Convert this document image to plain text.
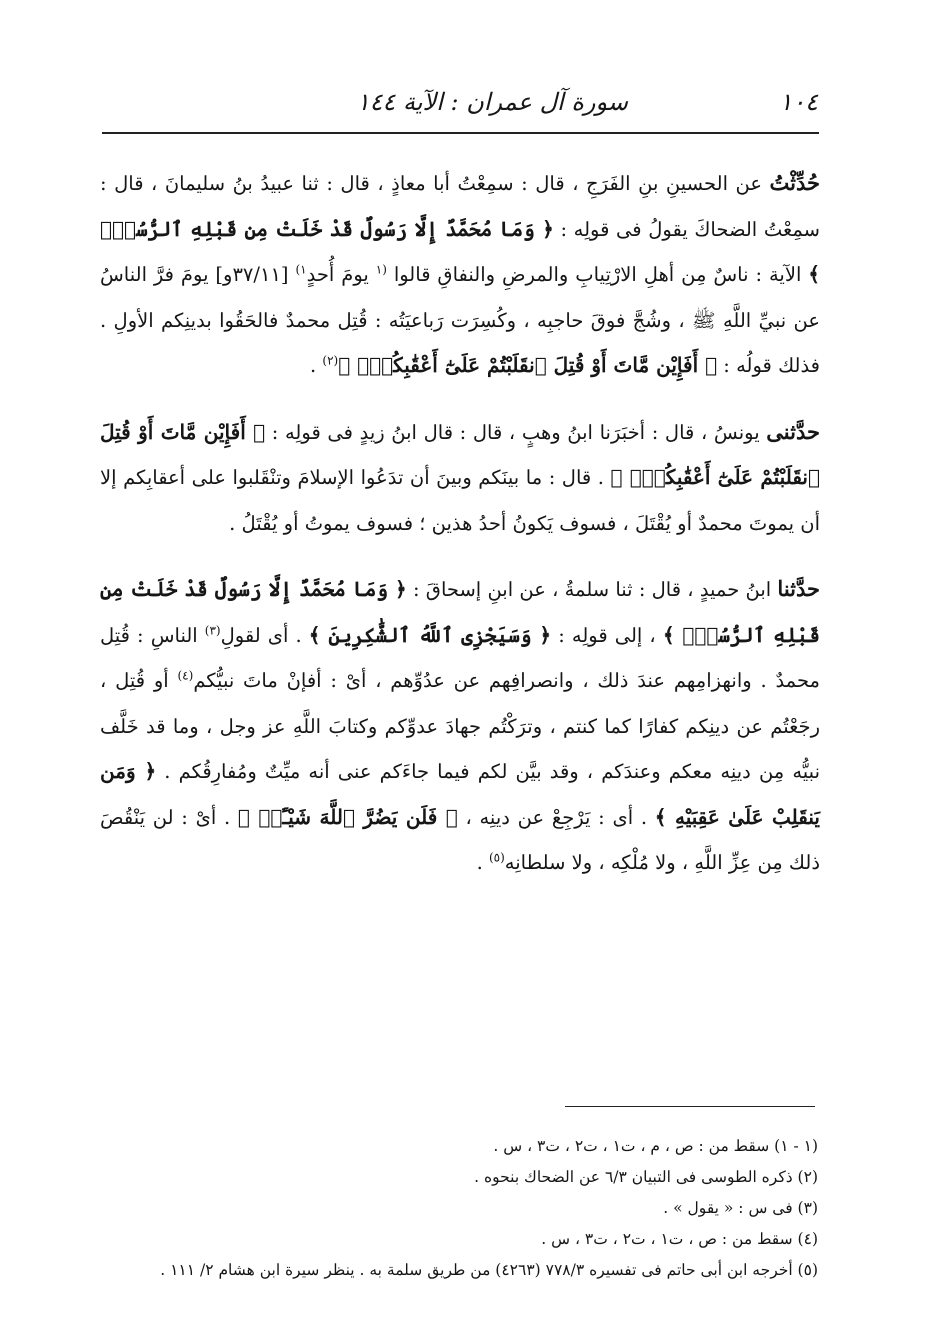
سورة آل عمران : الآية ١٤٤	١٠٤

حُدِّثْتُ عن الحسينِ بنِ الفَرَجِ ، قال : سمِعْتُ أبا معاذٍ ، قال : ثنا عبيدُ بنُ سليمانَ ، قال : سمِعْتُ الضحاكَ يقولُ فى قولِه : ﴿ وَمَا مُحَمَّدٌ إِلَّا رَسُولٌ قَدْ خَلَتْ مِن قَبْلِهِ ٱلرُّسُلُۚ ﴾ الآية : ناسٌ مِن أهلِ الارْتِيابِ والمرضِ والنفاقِ قالوا $^{(١}$ يومَ أُحدٍ$^{١)}$ [٣٧/١١و] يومَ فرَّ الناسُ عن نبيِّ اللَّهِ ﷺ ، وشُجَّ فوقَ حاجبِه ، وكُسِرَت رَباعيَتُه : قُتِل محمدٌ فالحَقُوا بدينِكم الأولِ . فذلك قولُه : ﴿ أَفَإِيْن مَّاتَ أَوْ قُتِلَ ٱنقَلَبْتُمْ عَلَىٰٓ أَعْقَٰبِكُمْۚ ﴾$^{(٢)}$ .

حدَّثنى يونسُ ، قال : أخبَرَنا ابنُ وهبٍ ، قال : قال ابنُ زيدٍ فى قولِه : ﴿ أَفَإِيْن مَّاتَ أَوْ قُتِلَ ٱنقَلَبْتُمْ عَلَىٰٓ أَعْقَٰبِكُمْۚ ﴾ . قال : ما بينَكم وبينَ أن تدَعُوا الإسلامَ وتنْقَلبوا على أعقابِكم إلا أن يموتَ محمدٌ أو يُقْتَلَ ، فسوف يَكونُ أحدُ هذين ؛ فسوف يموتُ أو يُقْتَلُ .

حدَّثنا ابنُ حميدٍ ، قال : ثنا سلمةُ ، عن ابنِ إسحاقَ : ﴿ وَمَا مُحَمَّدٌ إِلَّا رَسُولٌ قَدْ خَلَتْ مِن قَبْلِهِ ٱلرُّسُلُۚ ﴾ ، إلى قولِه : ﴿ وَسَيَجْزِى ٱللَّهُ ٱلشَّٰكِرِينَ ﴾ . أى لقولِ$^{(٣)}$ الناسِ : قُتِل محمدٌ . وانهزامِهم عندَ ذلك ، وانصرافِهم عن عدُوِّهم ، أىْ : أفإنْ ماتَ نبيُّكم$^{(٤)}$ أو قُتِل ، رجَعْتُم عن دينِكم كفارًا كما كنتم ، وترَكْتُم جهادَ عدوِّكم وكتابَ اللَّهِ عز وجل ، وما قد خَلَّف نبيُّه مِن دينِه معكم وعندَكم ، وقد بيَّن لكم فيما جاءَكم عنى أنه ميِّتٌ ومُفارِقُكم . ﴿ وَمَن يَنقَلِبْ عَلَىٰ عَقِبَيْهِ ﴾ . أى : يَرْجِعْ عن دينِه ، ﴿ فَلَن يَضُرَّ ٱللَّهَ شَيْـًٔاۗ ﴾ . أىْ : لن يَنْقُصَ ذلك مِن عِزِّ اللَّهِ ، ولا مُلْكِه ، ولا سلطانِه$^{(٥)}$ .

(١ - ١) سقط من : ص ، م ، ت١ ، ت٢ ، ت٣ ، س .

(٢) ذكره الطوسى فى التبيان ٦/٣ عن الضحاك بنحوه .

(٣) فى س : « يقول » .

(٤) سقط من : ص ، ت١ ، ت٢ ، ت٣ ، س .

(٥) أخرجه ابن أبى حاتم فى تفسيره ٧٧٨/٣ (٤٢٦٣) من طريق سلمة به . ينظر سيرة ابن هشام ٢/ ١١١ .
